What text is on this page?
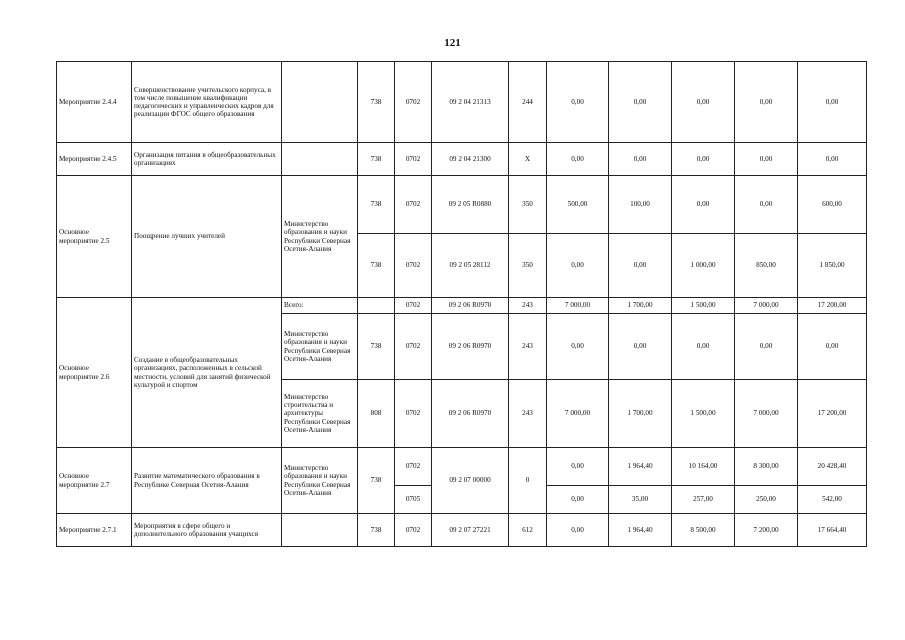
121
Мероприятие 2.4.4	Совершенствование учительского корпуса, в том числе повышение квалификации педагогических и управленческих кадров для реализации ФГОС общего образования		738	0702	09 2 04 21313	244	0,00	0,00	0,00	0,00	0,00
Мероприятие 2.4.5	Организация питания в общеобразовательных организациях		738	0702	09 2 04 21300	Х	0,00	0,00	0,00	0,00	0,00
Основное мероприятие 2.5	Поощрение лучших учителей	Министерство образования и науки Республики Северная Осетия-Алания	738	0702	09 2 05 R0880	350	500,00	100,00	0,00	0,00	600,00
			738	0702	09 2 05 28112	350	0,00	0,00	1 000,00	850,00	1 850,00
Основное мероприятие 2.6	Создание в общеобразовательных организациях, расположенных в сельской местности, условий для занятий физической культурой и спортом	Всего:		0702	09 2 06 R0970	243	7 000,00	1 700,00	1 500,00	7 000,00	17 200,00
		Министерство образования и науки Республики Северная Осетия-Алания	738	0702	09 2 06 R0970	243	0,00	0,00	0,00	0,00	0,00
		Министерство строительства и архитектуры Республики Северная Осетия-Алания	808	0702	09 2 06 R0970	243	7 000,00	1 700,00	1 500,00	7 000,00	17 200,00
Основное мероприятие 2.7	Развитие математического образования в Республике Северная Осетия-Алания	Министерство образования и науки Республики Северная Осетия-Алания	738	0702	09 2 07 00000	0	0,00	1 964,40	10 164,00	8 300,00	20 428,40
				0705			0,00	35,00	257,00	250,00	542,00
Мероприятие 2.7.1	Мероприятия в сфере общего и дополнительного образования учащихся		738	0702	09 2 07 27221	612	0,00	1 964,40	8 500,00	7 200,00	17 664,40
